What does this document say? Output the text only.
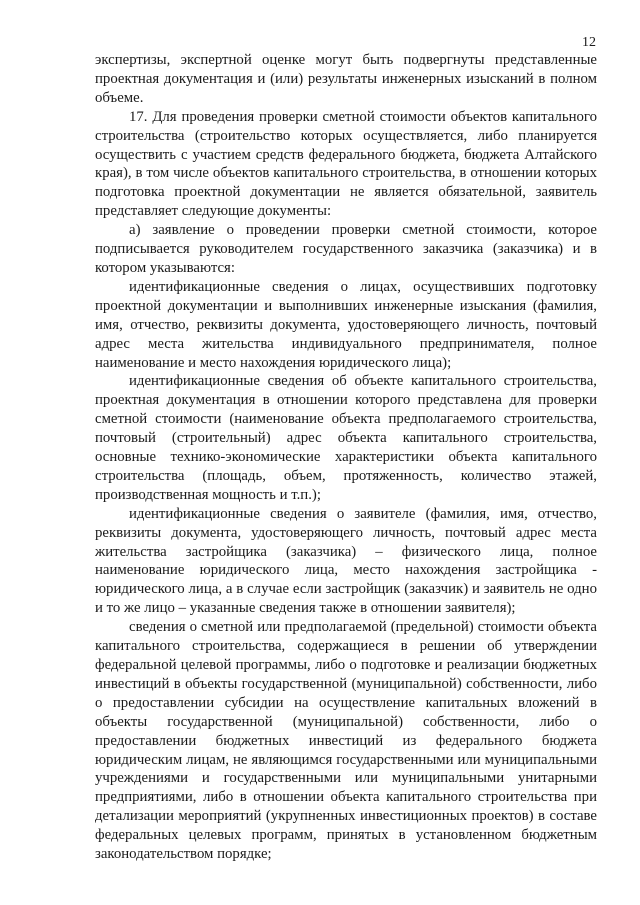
12

экспертизы, экспертной оценке могут быть подвергнуты представленные проектная документация и (или) результаты инженерных изысканий в полном объеме.

17. Для проведения проверки сметной стоимости объектов капитального строительства (строительство которых осуществляется, либо планируется осуществить с участием средств федерального бюджета, бюджета Алтайского края), в том числе объектов капитального строительства, в отношении которых подготовка проектной документации не является обязательной, заявитель представляет следующие документы:

а) заявление о проведении проверки сметной стоимости, которое подписывается руководителем государственного заказчика (заказчика) и в котором указываются:

идентификационные сведения о лицах, осуществивших подготовку проектной документации и выполнивших инженерные изыскания (фамилия, имя, отчество, реквизиты документа, удостоверяющего личность, почтовый адрес места жительства индивидуального предпринимателя, полное наименование и место нахождения юридического лица);

идентификационные сведения об объекте капитального строительства, проектная документация в отношении которого представлена для проверки сметной стоимости (наименование объекта предполагаемого строительства, почтовый (строительный) адрес объекта капитального строительства, основные технико-экономические характеристики объекта капитального строительства (площадь, объем, протяженность, количество этажей, производственная мощность и т.п.);

идентификационные сведения о заявителе (фамилия, имя, отчество, реквизиты документа, удостоверяющего личность, почтовый адрес места жительства застройщика (заказчика) – физического лица, полное наименование юридического лица, место нахождения застройщика - юридического лица, а в случае если застройщик (заказчик) и заявитель не одно и то же лицо – указанные сведения также в отношении заявителя);

сведения о сметной или предполагаемой (предельной) стоимости объекта капитального строительства, содержащиеся в решении об утверждении федеральной целевой программы, либо о подготовке и реализации бюджетных инвестиций в объекты государственной (муниципальной) собственности, либо о предоставлении субсидии на осуществление капитальных вложений в объекты государственной (муниципальной) собственности, либо о предоставлении бюджетных инвестиций из федерального бюджета юридическим лицам, не являющимся государственными или муниципальными учреждениями и государственными или муниципальными унитарными предприятиями, либо в отношении объекта капитального строительства при детализации мероприятий (укрупненных инвестиционных проектов) в составе федеральных целевых программ, принятых в установленном бюджетным законодательством порядке;
